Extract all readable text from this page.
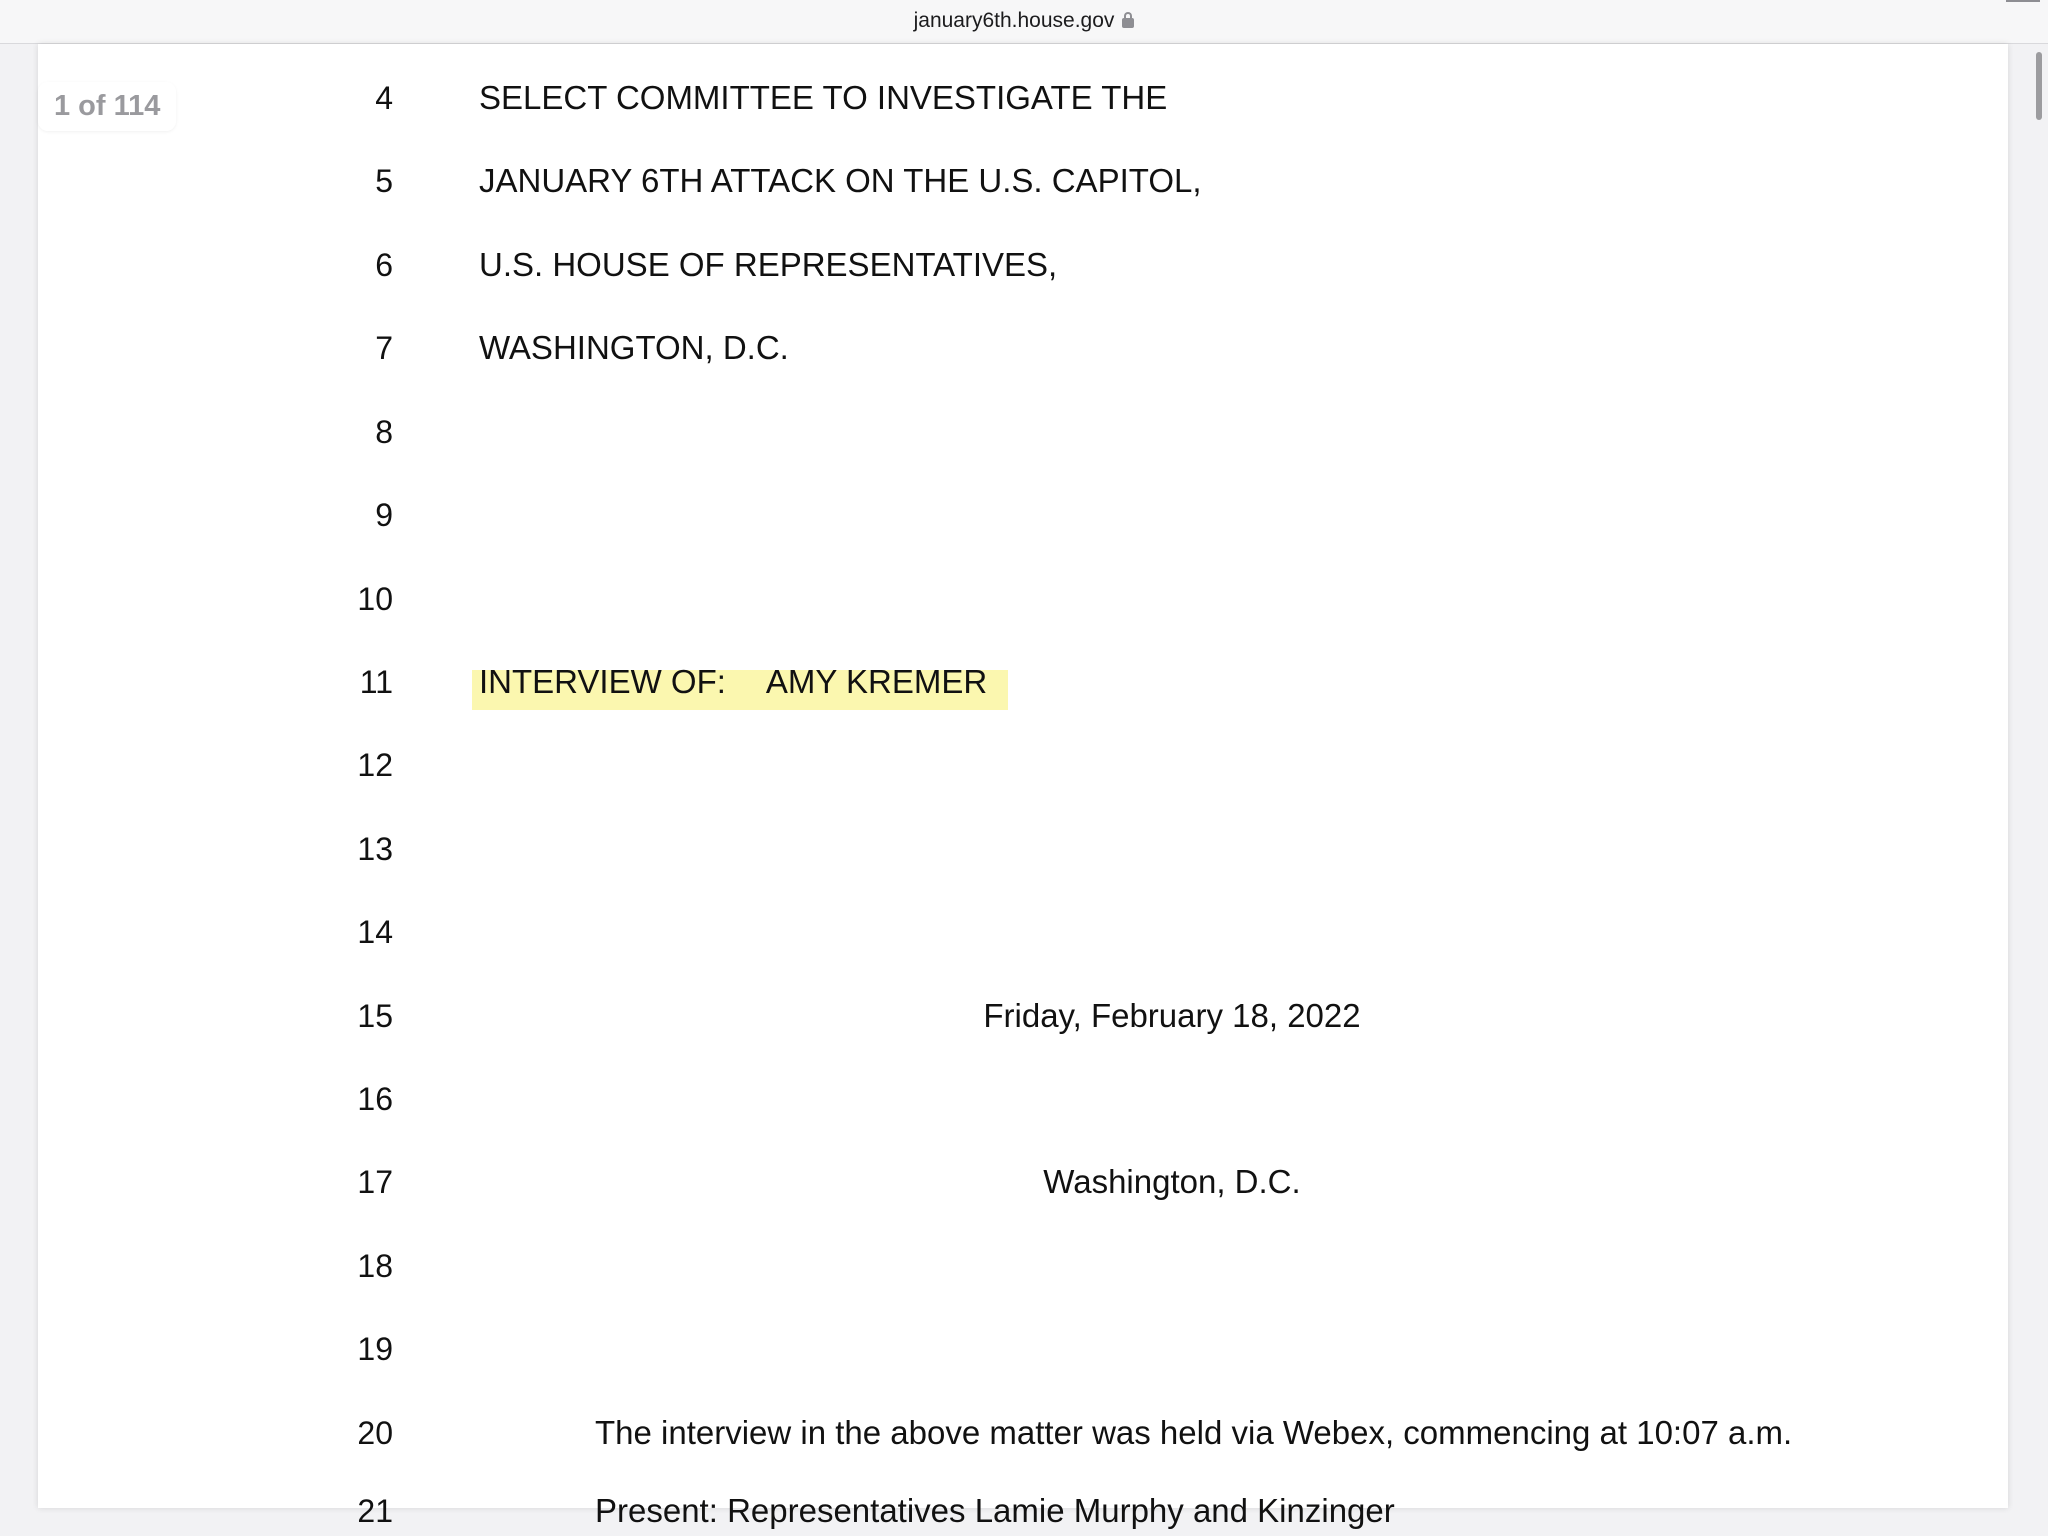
january6th.house.gov
1 of 114	4	SELECT COMMITTEE TO INVESTIGATE THE
5	JANUARY 6TH ATTACK ON THE U.S. CAPITOL,
6	U.S. HOUSE OF REPRESENTATIVES,
7	WASHINGTON, D.C.
8
9
10
11	INTERVIEW OF: AMY KREMER
12
13
14
15	Friday, February 18, 2022
16
17	Washington, D.C.
18
19
20	The interview in the above matter was held via Webex, commencing at 10:07 a.m.
21	Present: Representatives Lamie Murphy and Kinzinger
